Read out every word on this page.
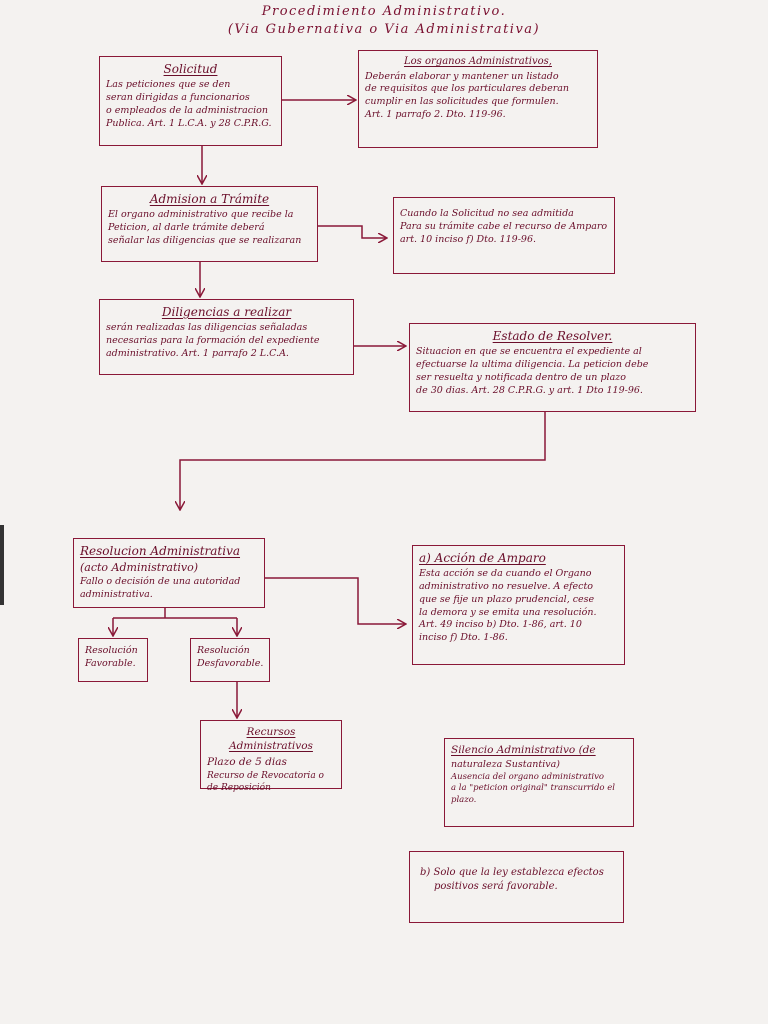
Procedimiento Administrativo.
(Via Gubernativa o Via Administrativa)
Solicitud
Las peticiones que se den
seran dirigidas a funcionarios
o empleados de la administracion
Publica. Art. 1 L.C.A. y 28 C.P.R.G.
Los organos Administrativos,
Deberán elaborar y mantener un listado
de requisitos que los particulares deberan
cumplir en las solicitudes que formulen.
Art. 1 parrafo 2. Dto. 119-96.
Admision a Trámite
El organo administrativo que recibe la
Peticion, al darle trámite deberá
señalar las diligencias que se realizaran
Cuando la Solicitud no sea admitida
Para su trámite cabe el recurso de Amparo
art. 10 inciso f) Dto. 119-96.
Diligencias a realizar
serán realizadas las diligencias señaladas
necesarias para la formación del expediente
administrativo. Art. 1 parrafo 2 L.C.A.
Estado de Resolver.
Situacion en que se encuentra el expediente al
efectuarse la ultima diligencia. La peticion debe
ser resuelta y notificada dentro de un plazo
de 30 dias. Art. 28 C.P.R.G. y art. 1 Dto 119-96.
Resolucion Administrativa
(acto Administrativo)
Fallo o decisión de una autoridad
administrativa.
a) Acción de Amparo
Esta acción se da cuando el Organo
administrativo no resuelve. A efecto
que se fije un plazo prudencial, cese
la demora y se emita una resolución.
Art. 49 inciso b) Dto. 1-86, art. 10
inciso f) Dto. 1-86.
Resolución
Favorable.
Resolución
Desfavorable.
Recursos Administrativos
Plazo de 5 dias
Recurso de Revocatoria o
de Reposición
Silencio Administrativo (de
naturaleza Sustantiva)
Ausencia del organo administrativo
a la "peticion original" transcurrido el
plazo.
b) Solo que la ley establezca efectos
positivos será favorable.
